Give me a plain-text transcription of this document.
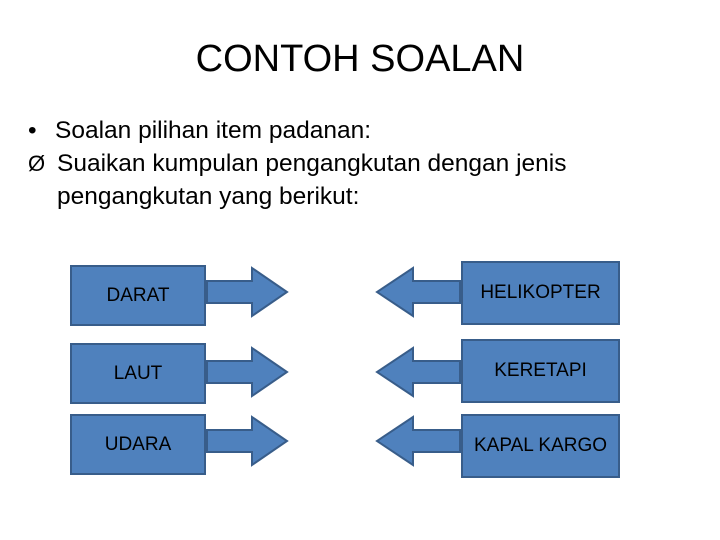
CONTOH SOALAN
• Soalan pilihan item padanan:
Ø Suaikan kumpulan pengangkutan dengan jenis
pengangkutan yang berikut:
DARAT
LAUT
UDARA
HELIKOPTER
KERETAPI
KAPAL KARGO
